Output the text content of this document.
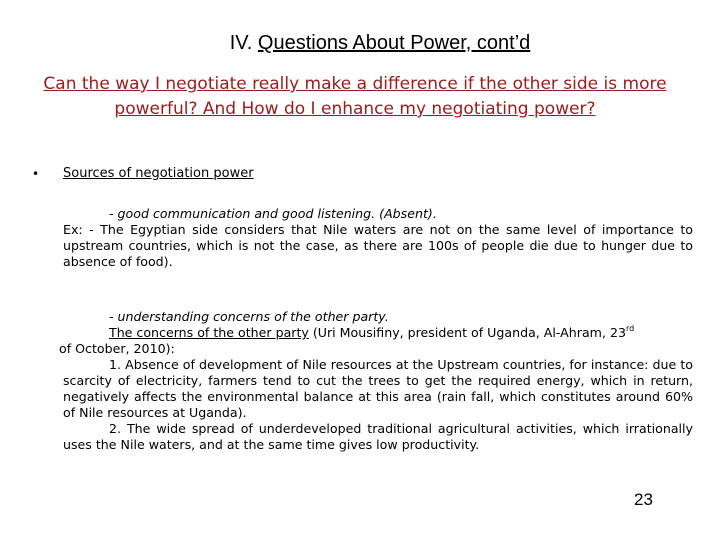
IV. Questions About Power, cont’d
Can the way I negotiate really make a difference if the other side is more powerful? And How do I enhance my negotiating power?
• Sources of negotiation power
- good communication and good listening. (Absent).
Ex: - The Egyptian side considers that Nile waters are not on the same level of importance to upstream countries, which is not the case, as there are 100s of people die due to hunger due to absence of food).
- understanding concerns of the other party.
The concerns of the other party (Uri Mousifiny, president of Uganda, Al-Ahram, 23rd
of October, 2010):
1. Absence of development of Nile resources at the Upstream countries, for instance: due to scarcity of electricity, farmers tend to cut the trees to get the required energy, which in return, negatively affects the environmental balance at this area (rain fall, which constitutes around 60% of Nile resources at Uganda).
2. The wide spread of underdeveloped traditional agricultural activities, which irrationally uses the Nile waters, and at the same time gives low productivity.
23
